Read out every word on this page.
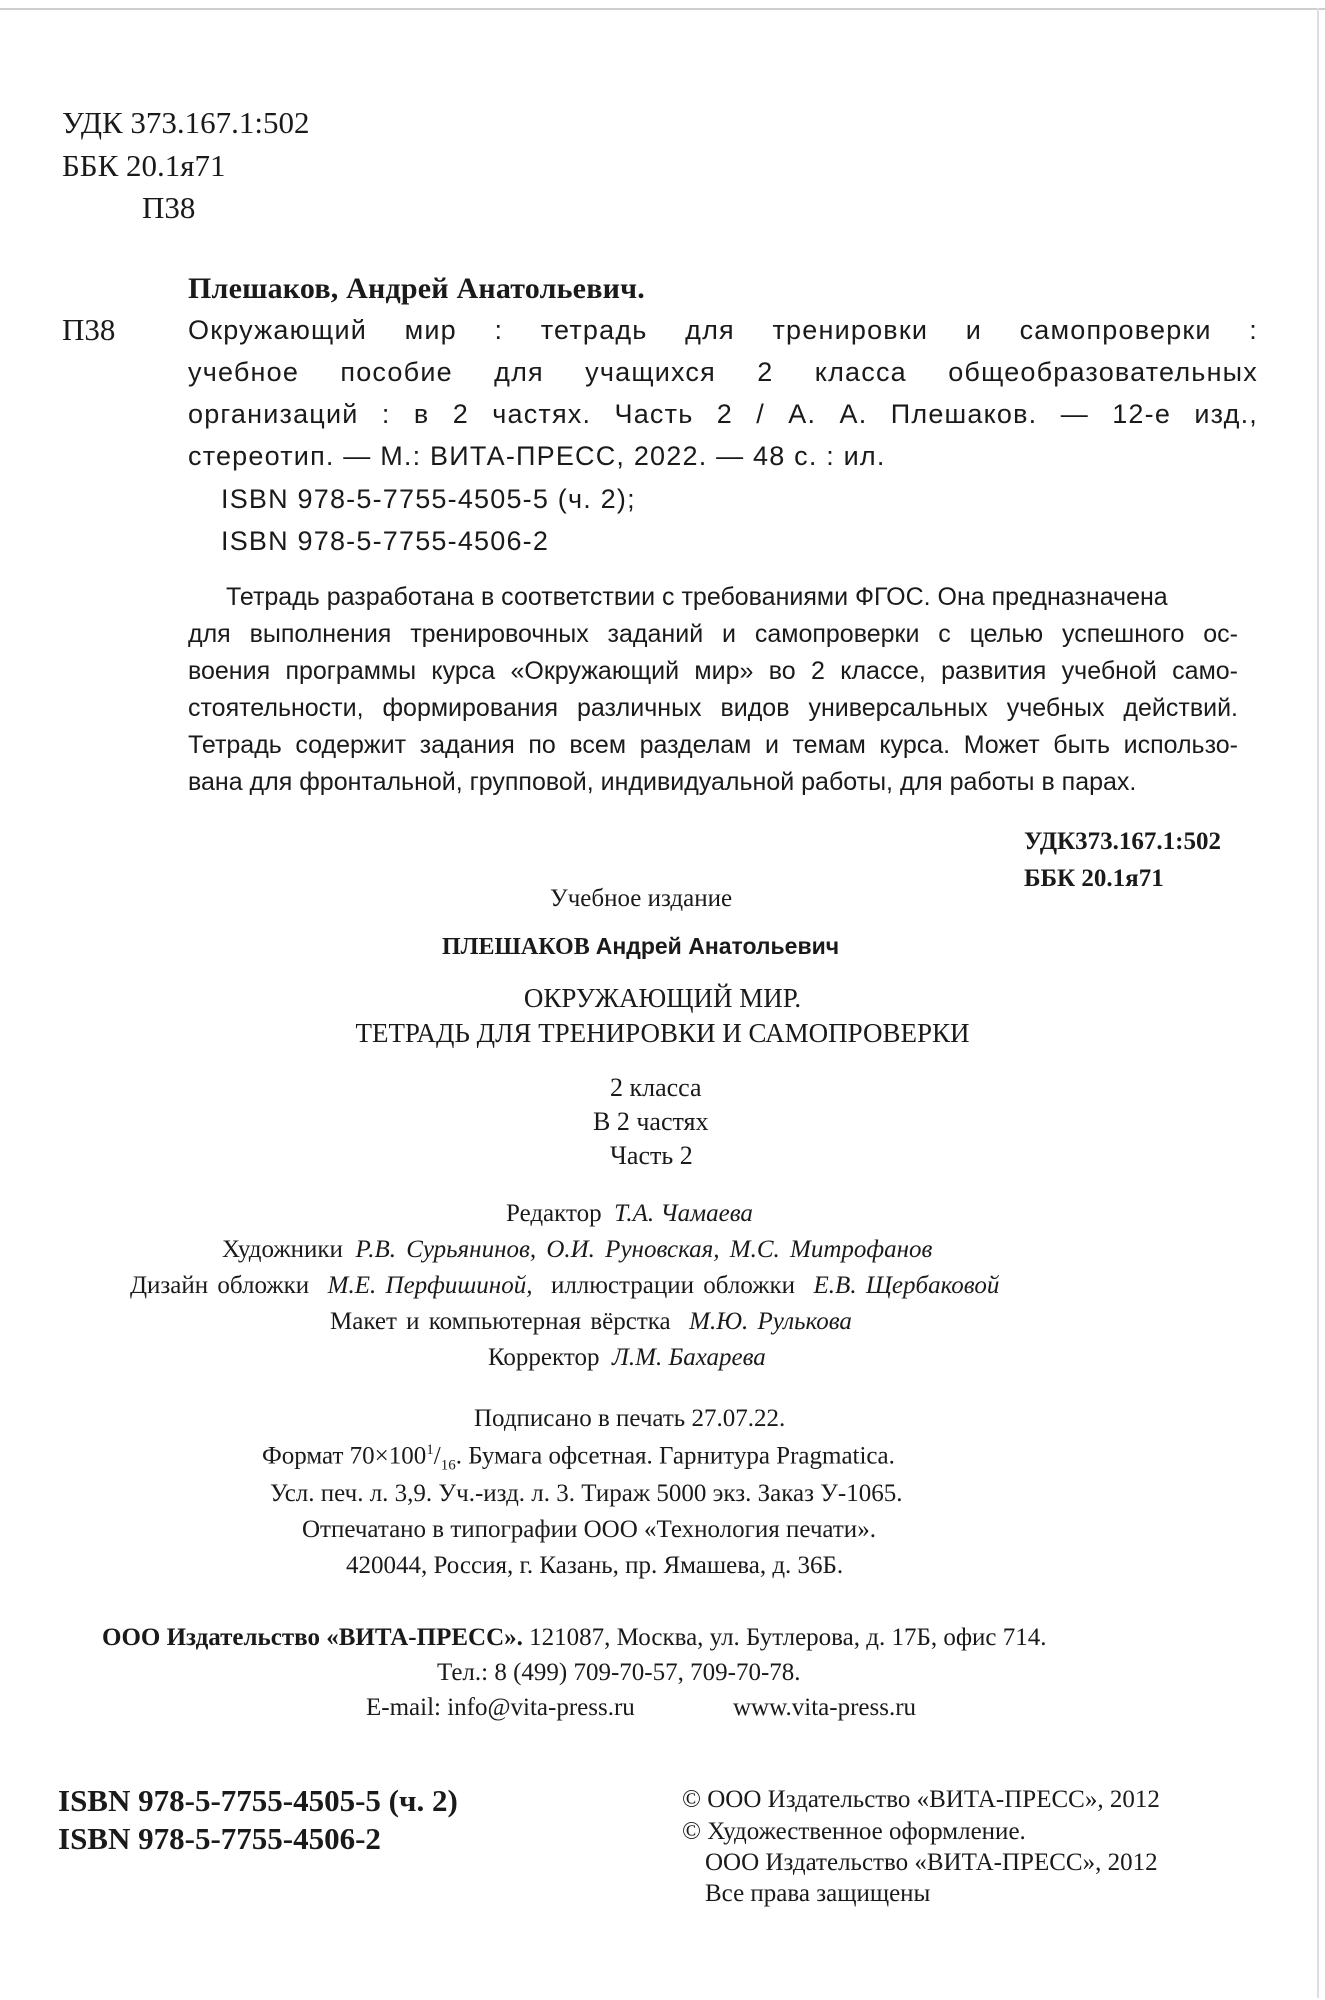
УДК 373.167.1:502
ББК 20.1я71
П38
Плешаков, Андрей Анатольевич.
П38	Окружающий мир : тетрадь для тренировки и самопроверки :
учебное пособие для учащихся 2 класса общеобразовательных
организаций : в 2 частях. Часть 2 / А. А. Плешаков. — 12-е изд.,
стереотип. — М.: ВИТА-ПРЕСС, 2022. — 48 с. : ил.
ISBN 978-5-7755-4505-5 (ч. 2);
ISBN 978-5-7755-4506-2
Тетрадь разработана в соответствии с требованиями ФГОС. Она предназначена
для выполнения тренировочных заданий и самопроверки с целью успешного ос-
воения программы курса «Окружающий мир» во 2 классе, развития учебной само-
стоятельности, формирования различных видов универсальных учебных действий.
Тетрадь содержит задания по всем разделам и темам курса. Может быть использо-
вана для фронтальной, групповой, индивидуальной работы, для работы в парах.
УДК373.167.1:502
ББК 20.1я71
Учебное издание
ПЛЕШАКОВ Андрей Анатольевич
ОКРУЖАЮЩИЙ МИР.
ТЕТРАДЬ ДЛЯ ТРЕНИРОВКИ И САМОПРОВЕРКИ
2 класса
В 2 частях
Часть 2
Редактор Т.А. Чамаева
Художники Р.В. Сурьянинов, О.И. Руновская, М.С. Митрофанов
Дизайн обложки М.Е. Перфишиной, иллюстрации обложки Е.В. Щербаковой
Макет и компьютерная вёрстка М.Ю. Рулькова
Корректор Л.М. Бахарева
Подписано в печать 27.07.22.
Формат $70\times 100^1/_{16}$. Бумага офсетная. Гарнитура Pragmatica.
Усл. печ. л. 3,9. Уч.-изд. л. 3. Тираж 5000 экз. Заказ У-1065.
Отпечатано в типографии ООО «Технология печати».
420044, Россия, г. Казань, пр. Ямашева, д. 36Б.
ООО Издательство «ВИТА-ПРЕСС». 121087, Москва, ул. Бутлерова, д. 17Б, офис 714.
Тел.: 8 (499) 709-70-57, 709-70-78.
E-mail: info@vita-press.ru	www.vita-press.ru
ISBN 978-5-7755-4505-5 (ч. 2)
ISBN 978-5-7755-4506-2
© ООО Издательство «ВИТА-ПРЕСС», 2012
© Художественное оформление.
ООО Издательство «ВИТА-ПРЕСС», 2012
Все права защищены
